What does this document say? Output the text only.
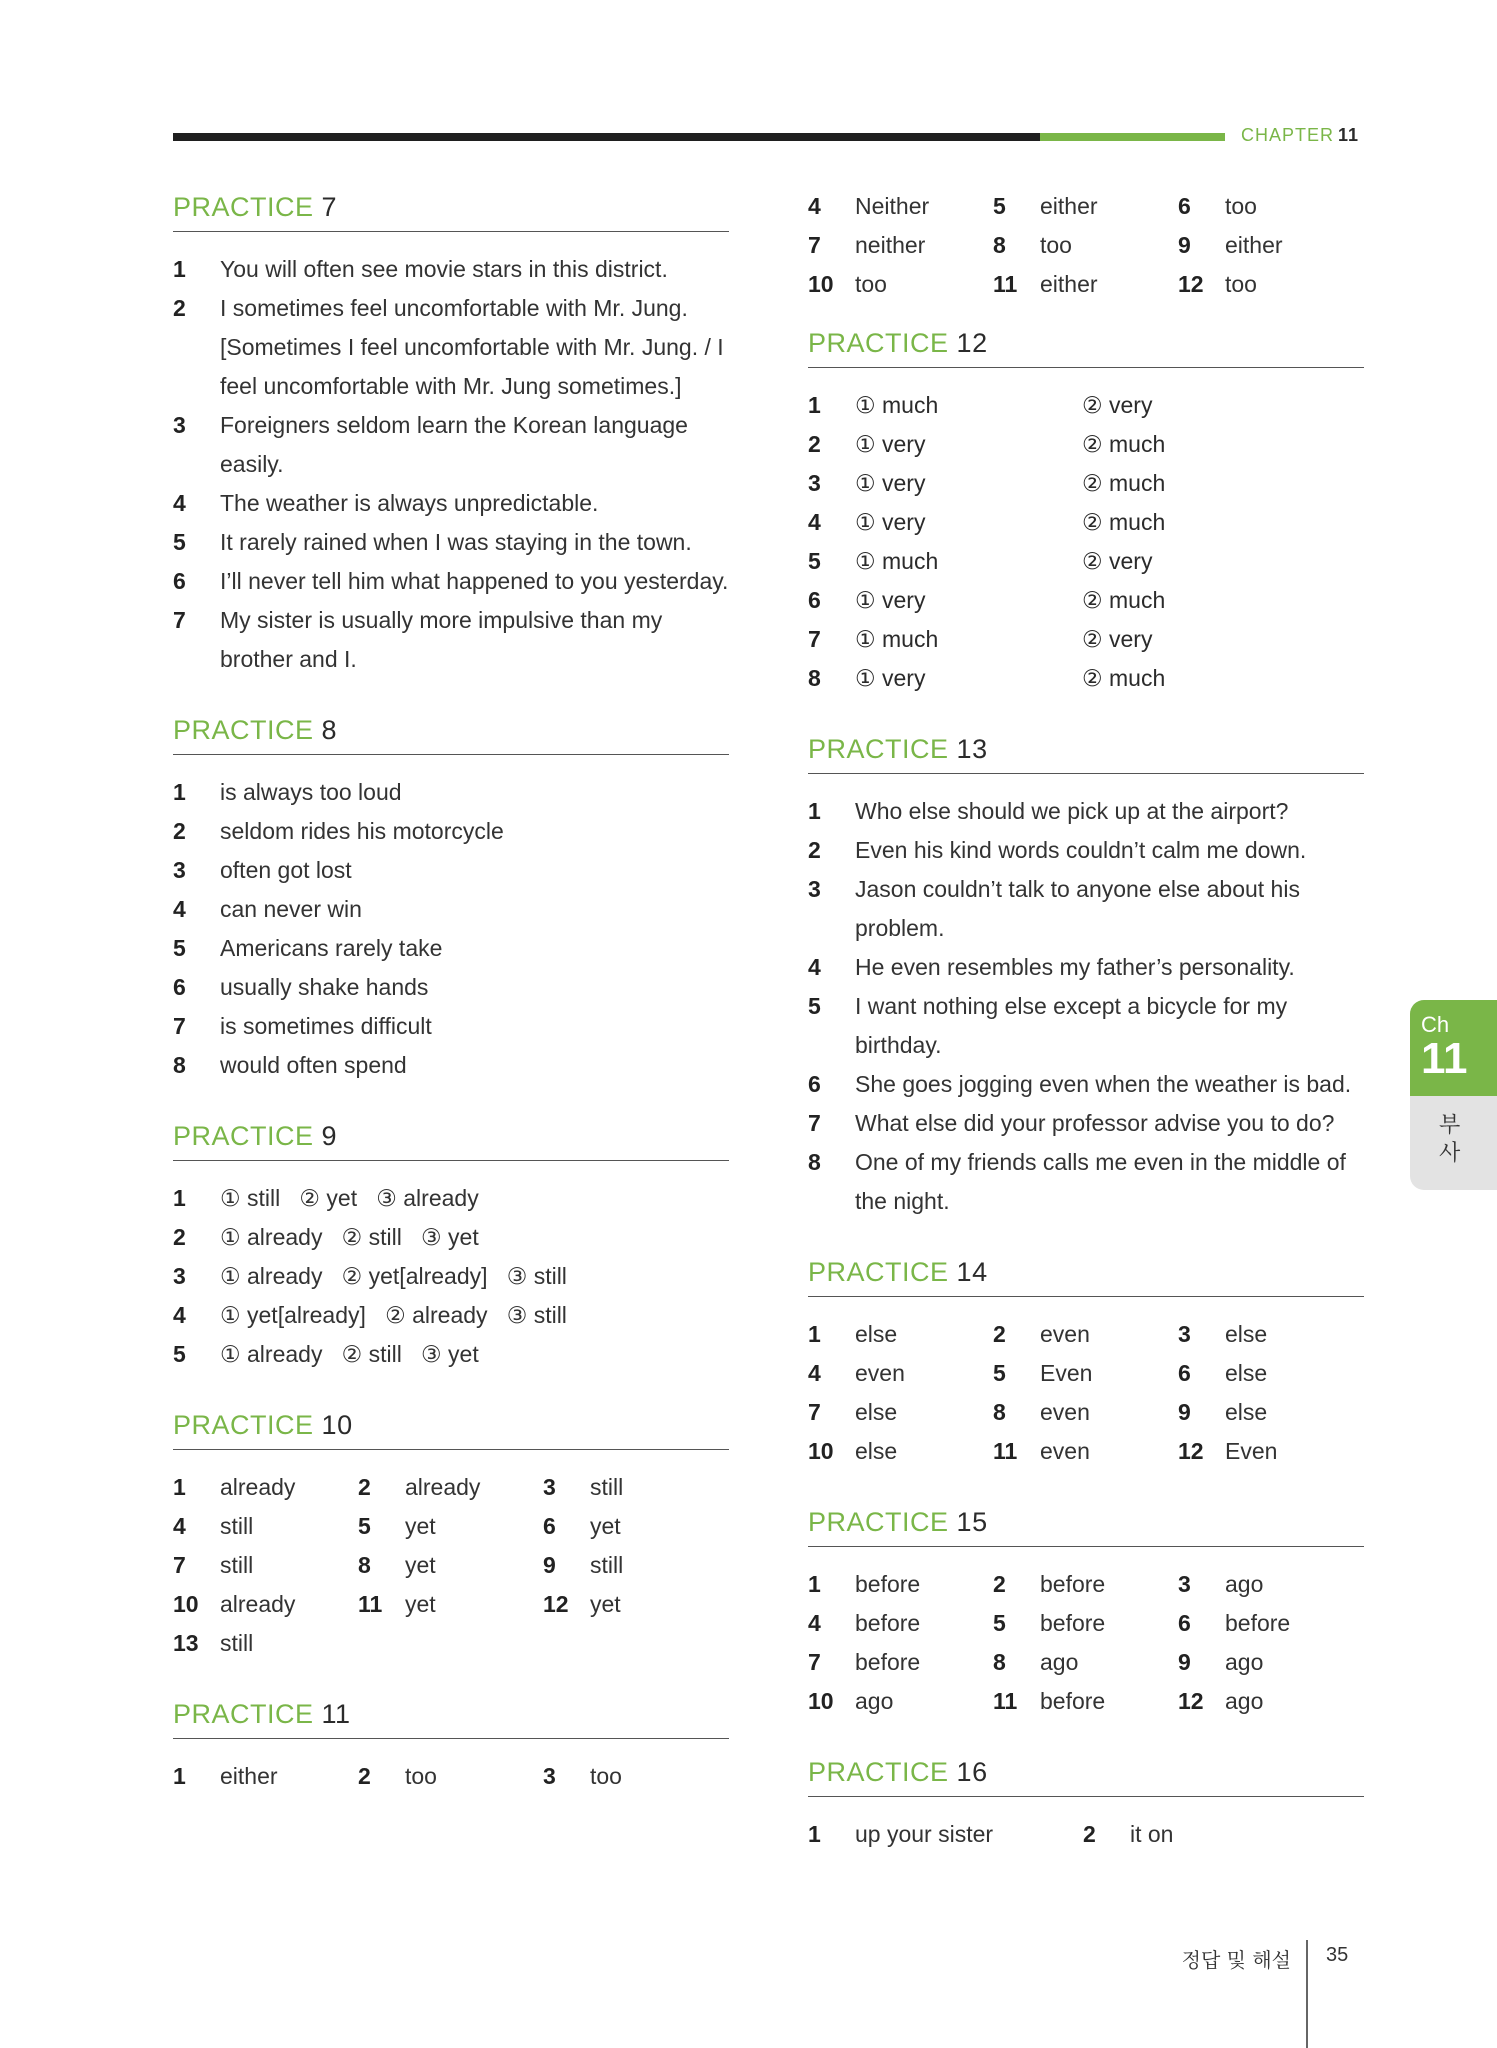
CHAPTER 11
PRACTICE 7
1	You will often see movie stars in this district.
2	I sometimes feel uncomfortable with Mr. Jung. [Sometimes I feel uncomfortable with Mr. Jung. / I feel uncomfortable with Mr. Jung sometimes.]
3	Foreigners seldom learn the Korean language easily.
4	The weather is always unpredictable.
5	It rarely rained when I was staying in the town.
6	I’ll never tell him what happened to you yesterday.
7	My sister is usually more impulsive than my brother and I.
PRACTICE 8
1	is always too loud
2	seldom rides his motorcycle
3	often got lost
4	can never win
5	Americans rarely take
6	usually shake hands
7	is sometimes difficult
8	would often spend
PRACTICE 9
1	① still   ② yet   ③ already
2	① already   ② still   ③ yet
3	① already   ② yet[already]   ③ still
4	① yet[already]   ② already   ③ still
5	① already   ② still   ③ yet
PRACTICE 10
1	already	2	already	3	still
4	still	5	yet	6	yet
7	still	8	yet	9	still
10 already	11 yet	12 yet
13 still
PRACTICE 11
1	either	2	too	3	too
4	Neither	5	either	6	too
7	neither	8	too	9	either
10 too	11 either	12 too
PRACTICE 12
1	① much	② very
2	① very	② much
3	① very	② much
4	① very	② much
5	① much	② very
6	① very	② much
7	① much	② very
8	① very	② much
PRACTICE 13
1	Who else should we pick up at the airport?
2	Even his kind words couldn’t calm me down.
3	Jason couldn’t talk to anyone else about his problem.
4	He even resembles my father’s personality.
5	I want nothing else except a bicycle for my birthday.
6	She goes jogging even when the weather is bad.
7	What else did your professor advise you to do?
8	One of my friends calls me even in the middle of the night.
PRACTICE 14
1	else	2	even	3	else
4	even	5	Even	6	else
7	else	8	even	9	else
10 else	11 even	12 Even
PRACTICE 15
1	before	2	before	3	ago
4	before	5	before	6	before
7	before	8	ago	9	ago
10 ago	11 before	12 ago
PRACTICE 16
1	up your sister	2	it on
Ch
11
부사
정답 및 해설 35
